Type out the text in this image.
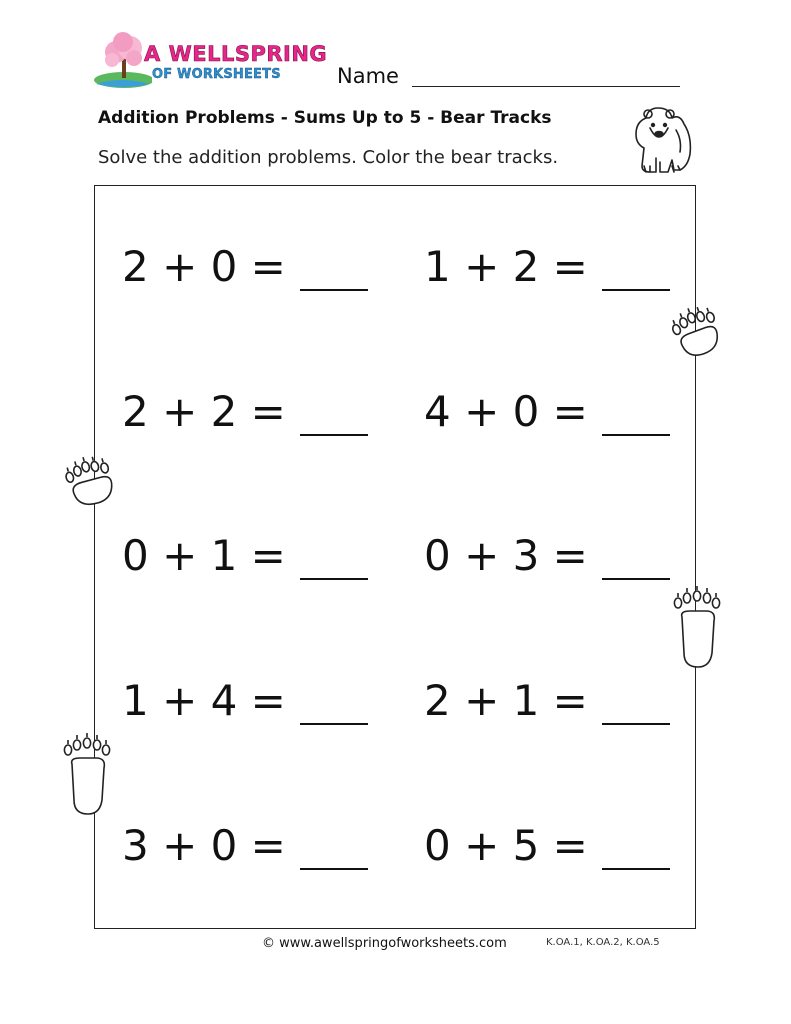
A WELLSPRING
OF WORKSHEETS	Name
Addition Problems - Sums Up to 5 - Bear Tracks
Solve the addition problems. Color the bear tracks.
2 + 0 =
2 + 2 =
0 + 1 =
1 + 4 =
3 + 0 =
1 + 2 =
4 + 0 =
0 + 3 =
2 + 1 =
0 + 5 =
© www.awellspringofworksheets.com	K.OA.1, K.OA.2, K.OA.5
